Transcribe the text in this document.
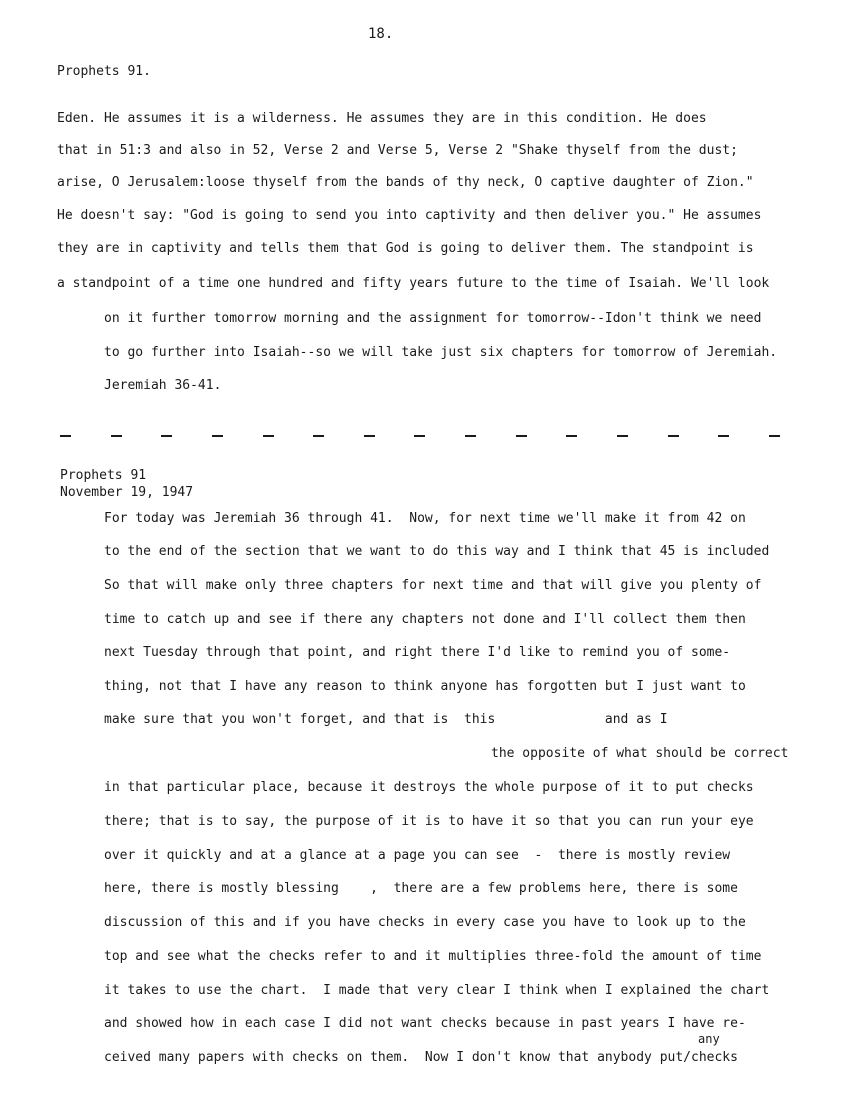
18.
Prophets 91.
Eden. He assumes it is a wilderness. He assumes they are in this condition. He does
that in 51:3 and also in 52, Verse 2 and Verse 5, Verse 2 "Shake thyself from the dust;
arise, O Jerusalem:loose thyself from the bands of thy neck, O captive daughter of Zion."
He doesn't say: "God is going to send you into captivity and then deliver you." He assumes
they are in captivity and tells them that God is going to deliver them. The standpoint is
a standpoint of a time one hundred and fifty years future to the time of Isaiah. We'll look
on it further tomorrow morning and the assignment for tomorrow--Idon't think we need
to go further into Isaiah--so we will take just six chapters for tomorrow of Jeremiah.
Jeremiah 36-41.
Prophets 91
November 19, 1947
For today was Jeremiah 36 through 41.  Now, for next time we'll make it from 42 on
to the end of the section that we want to do this way and I think that 45 is included
So that will make only three chapters for next time and that will give you plenty of
time to catch up and see if there any chapters not done and I'll collect them then
next Tuesday through that point, and right there I'd like to remind you of some-
thing, not that I have any reason to think anyone has forgotten but I just want to
make sure that you won't forget, and that is  this              and as I
the opposite of what should be correct
in that particular place, because it destroys the whole purpose of it to put checks
there; that is to say, the purpose of it is to have it so that you can run your eye
over it quickly and at a glance at a page you can see  -  there is mostly review
here, there is mostly blessing    ,  there are a few problems here, there is some
discussion of this and if you have checks in every case you have to look up to the
top and see what the checks refer to and it multiplies three-fold the amount of time
it takes to use the chart.  I made that very clear I think when I explained the chart
and showed how in each case I did not want checks because in past years I have re-
any
ceived many papers with checks on them.  Now I don't know that anybody put/checks
